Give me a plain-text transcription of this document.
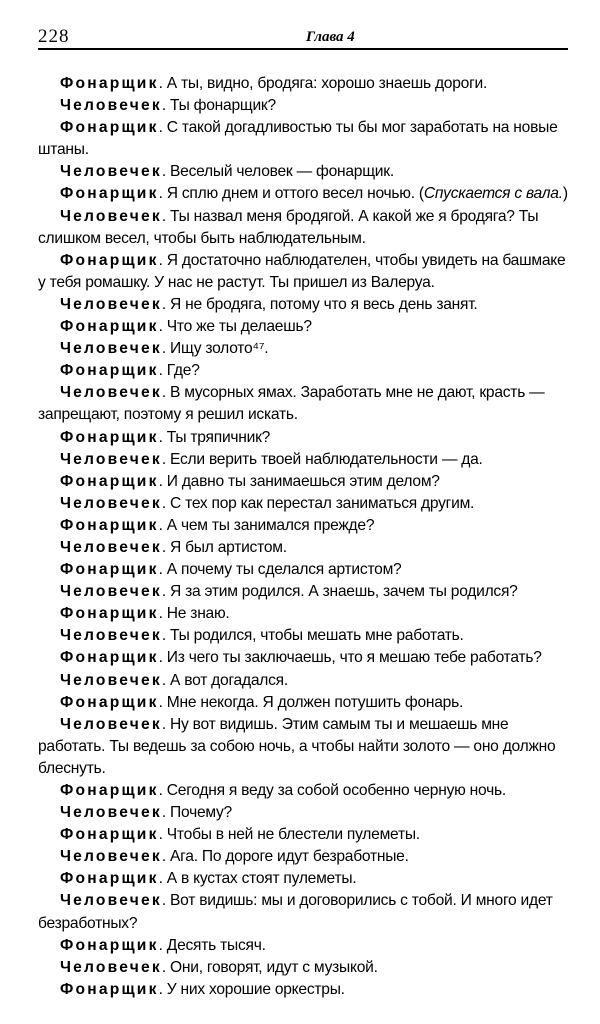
228	Глава 4

Фонарщик. А ты, видно, бродяга: хорошо знаешь дороги.

Человечек. Ты фонарщик?

Фонарщик. С такой догадливостью ты бы мог заработать на новые штаны.

Человечек. Веселый человек — фонарщик.

Фонарщик. Я сплю днем и оттого весел ночью. (Спускается с вала.)

Человечек. Ты назвал меня бродягой. А какой же я бродяга? Ты слишком весел, чтобы быть наблюдательным.

Фонарщик. Я достаточно наблюдателен, чтобы увидеть на башмаке у тебя ромашку. У нас не растут. Ты пришел из Валеруа.

Человечек. Я не бродяга, потому что я весь день занят.

Фонарщик. Что же ты делаешь?

Человечек. Ищу золото⁴⁷.

Фонарщик. Где?

Человечек. В мусорных ямах. Заработать мне не дают, красть — запрещают, поэтому я решил искать.

Фонарщик. Ты тряпичник?

Человечек. Если верить твоей наблюдательности — да.

Фонарщик. И давно ты занимаешься этим делом?

Человечек. С тех пор как перестал заниматься другим.

Фонарщик. А чем ты занимался прежде?

Человечек. Я был артистом.

Фонарщик. А почему ты сделался артистом?

Человечек. Я за этим родился. А знаешь, зачем ты родился?

Фонарщик. Не знаю.

Человечек. Ты родился, чтобы мешать мне работать.

Фонарщик. Из чего ты заключаешь, что я мешаю тебе работать?

Человечек. А вот догадался.

Фонарщик. Мне некогда. Я должен потушить фонарь.

Человечек. Ну вот видишь. Этим самым ты и мешаешь мне работать. Ты ведешь за собою ночь, а чтобы найти золото — оно должно блеснуть.

Фонарщик. Сегодня я веду за собой особенно черную ночь.

Человечек. Почему?

Фонарщик. Чтобы в ней не блестели пулеметы.

Человечек. Ага. По дороге идут безработные.

Фонарщик. А в кустах стоят пулеметы.

Человечек. Вот видишь: мы и договорились с тобой. И много идет безработных?

Фонарщик. Десять тысяч.

Человечек. Они, говорят, идут с музыкой.

Фонарщик. У них хорошие оркестры.
